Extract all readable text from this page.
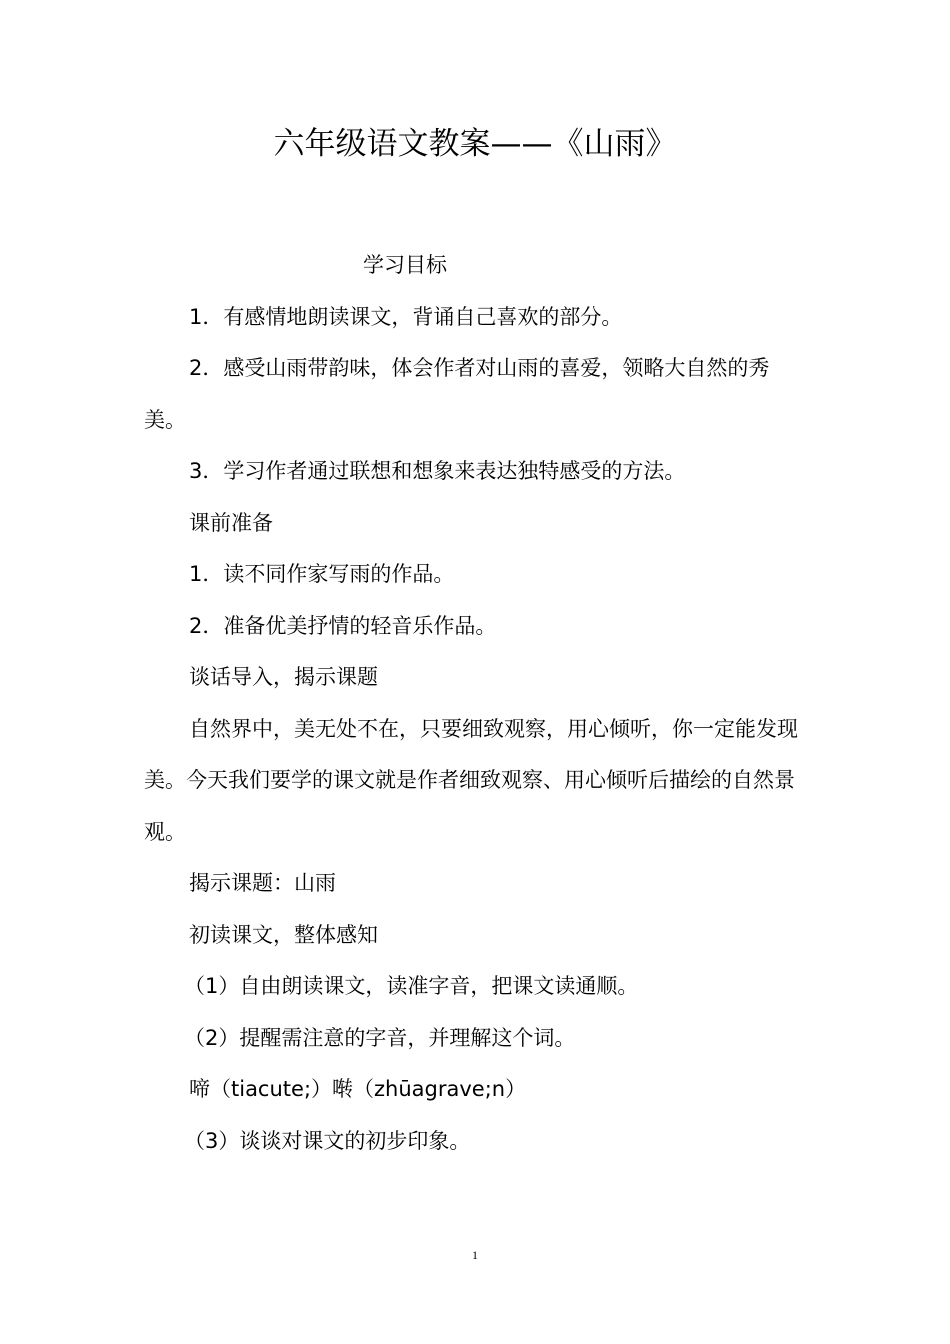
六年级语文教案——《山雨》

学习目标

1．有感情地朗读课文，背诵自己喜欢的部分。

2．感受山雨带韵味，体会作者对山雨的喜爱，领略大自然的秀美。

3．学习作者通过联想和想象来表达独特感受的方法。

课前准备

1．读不同作家写雨的作品。

2．准备优美抒情的轻音乐作品。

谈话导入，揭示课题

自然界中，美无处不在，只要细致观察，用心倾听，你一定能发现美。今天我们要学的课文就是作者细致观察、用心倾听后描绘的自然景观。

揭示课题：山雨

初读课文，整体感知

（1）自由朗读课文，读准字音，把课文读通顺。

（2）提醒需注意的字音，并理解这个词。

啼（tiacute;）啭（zhūagrave;n）

（3）谈谈对课文的初步印象。

1
